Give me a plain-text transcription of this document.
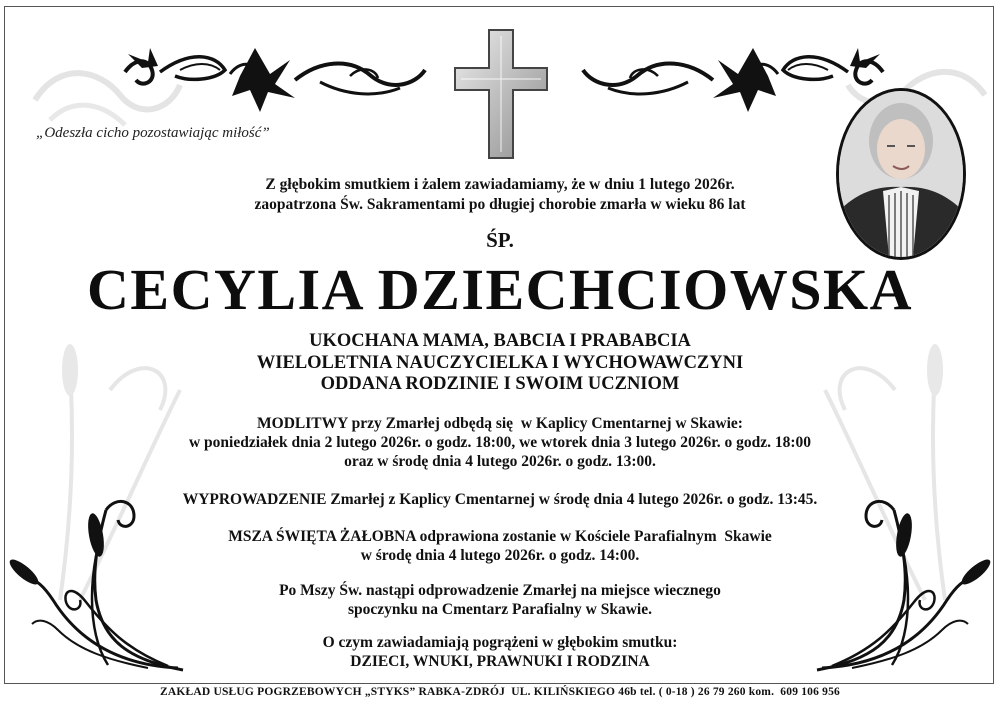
„Odeszła cicho pozostawiając miłość”
Z głębokim smutkiem i żalem zawiadamiamy, że w dniu 1 lutego 2026r.
zaopatrzona Św. Sakramentami po długiej chorobie zmarła w wieku 86 lat
ŚP.
CECYLIA DZIECHCIOWSKA
UKOCHANA MAMA, BABCIA I PRABABCIA
WIELOLETNIA NAUCZYCIELKA I WYCHOWAWCZYNI
ODDANA RODZINIE I SWOIM UCZNIOM
MODLITWY przy Zmarłej odbędą się  w Kaplicy Cmentarnej w Skawie:
w poniedziałek dnia 2 lutego 2026r. o godz. 18:00, we wtorek dnia 3 lutego 2026r. o godz. 18:00
oraz w środę dnia 4 lutego 2026r. o godz. 13:00.
WYPROWADZENIE Zmarłej z Kaplicy Cmentarnej w środę dnia 4 lutego 2026r. o godz. 13:45.
MSZA ŚWIĘTA ŻAŁOBNA odprawiona zostanie w Kościele Parafialnym  Skawie
w środę dnia 4 lutego 2026r. o godz. 14:00.
Po Mszy Św. nastąpi odprowadzenie Zmarłej na miejsce wiecznego
spoczynku na Cmentarz Parafialny w Skawie.
O czym zawiadamiają pogrążeni w głębokim smutku:
DZIECI, WNUKI, PRAWNUKI I RODZINA
ZAKŁAD USŁUG POGRZEBOWYCH „STYKS” RABKA-ZDRÓJ  UL. KILIŃSKIEGO 46b tel. ( 0-18 ) 26 79 260 kom.  609 106 956
